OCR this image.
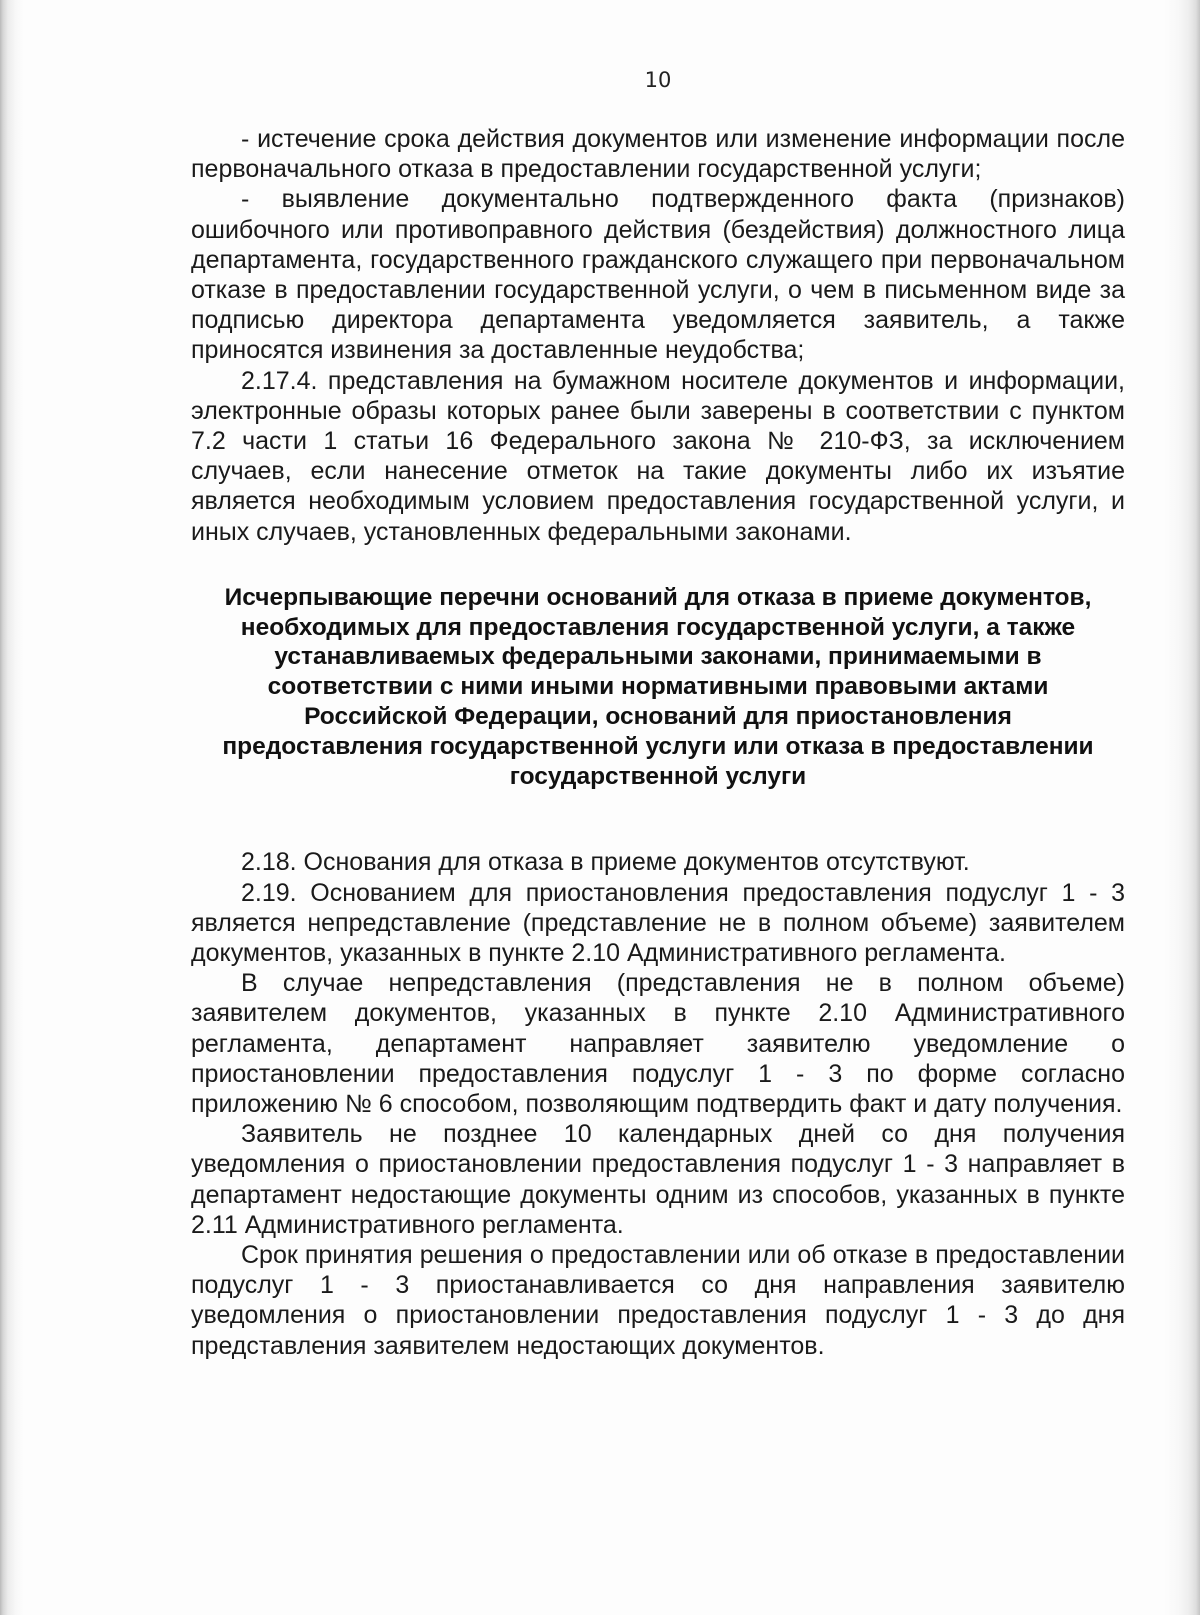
10

- истечение срока действия документов или изменение информации после первоначального отказа в предоставлении государственной услуги;

- выявление документально подтвержденного факта (признаков) ошибочного или противоправного действия (бездействия) должностного лица департамента, государственного гражданского служащего при первоначальном отказе в предоставлении государственной услуги, о чем в письменном виде за подписью директора департамента уведомляется заявитель, а также приносятся извинения за доставленные неудобства;

2.17.4. представления на бумажном носителе документов и информации, электронные образы которых ранее были заверены в соответствии с пунктом 7.2 части 1 статьи 16 Федерального закона № 210-ФЗ, за исключением случаев, если нанесение отметок на такие документы либо их изъятие является необходимым условием предоставления государственной услуги, и иных случаев, установленных федеральными законами.

Исчерпывающие перечни оснований для отказа в приеме документов, необходимых для предоставления государственной услуги, а также устанавливаемых федеральными законами, принимаемыми в соответствии с ними иными нормативными правовыми актами Российской Федерации, оснований для приостановления предоставления государственной услуги или отказа в предоставлении государственной услуги

2.18. Основания для отказа в приеме документов отсутствуют.

2.19. Основанием для приостановления предоставления подуслуг 1 - 3 является непредставление (представление не в полном объеме) заявителем документов, указанных в пункте 2.10 Административного регламента.

В случае непредставления (представления не в полном объеме) заявителем документов, указанных в пункте 2.10 Административного регламента, департамент направляет заявителю уведомление о приостановлении предоставления подуслуг 1 - 3 по форме согласно приложению № 6 способом, позволяющим подтвердить факт и дату получения.

Заявитель не позднее 10 календарных дней со дня получения уведомления о приостановлении предоставления подуслуг 1 - 3 направляет в департамент недостающие документы одним из способов, указанных в пункте 2.11 Административного регламента.

Срок принятия решения о предоставлении или об отказе в предоставлении подуслуг 1 - 3 приостанавливается со дня направления заявителю уведомления о приостановлении предоставления подуслуг 1 - 3 до дня представления заявителем недостающих документов.
